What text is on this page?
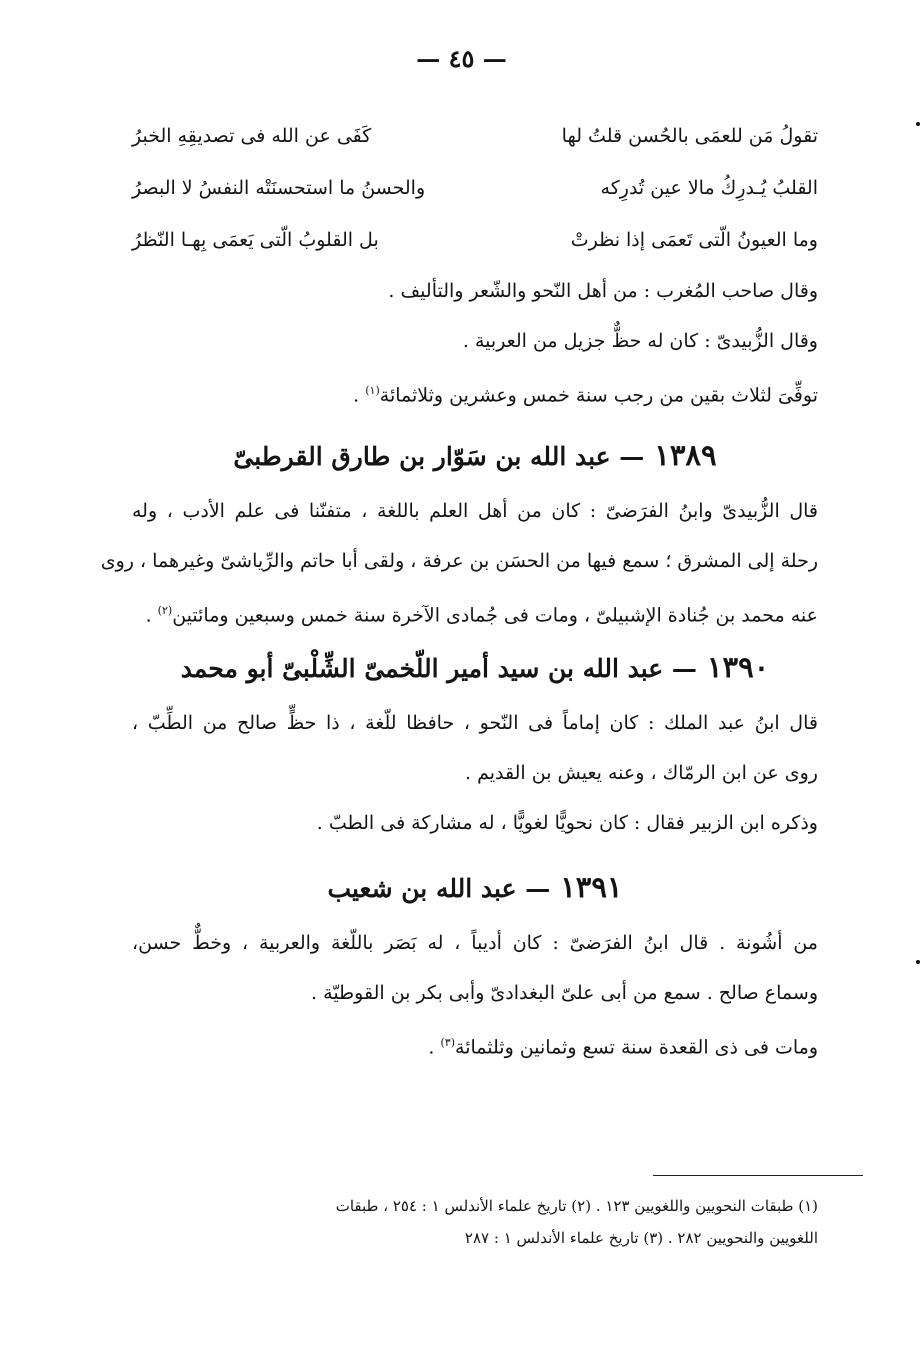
— ٤٥ —
تقولُ مَن للعمَى بالحُسن قلتُ لها
كَفَى عن الله فى تصديقِهِ الخبرُ
القلبُ يُـدرِكُ مالا عين تُدرِكه
والحسنُ ما استحسنَتْه النفسُ لا البصرُ
وما العيونُ الّتى تَعمَى إذا نظرتْ
بل القلوبُ الّتى يَعمَى بِهـا النّظرُ
وقال صاحب المُغرب : من أهل النّحو والشّعر والتأليف .
وقال الزُّبيدىّ : كان له حظٌّ جزيل من العربية .
توفِّىَ لثلاث بقين من رجب سنة خمس وعشرين وثلاثمائة$^{(١)}$ .
١٣٨٩— عبد الله بن سَوّار بن طارق القرطبىّ
قال الزُّبيدىّ وابنُ الفرَضىّ : كان من أهل العلم باللغة ، متفنّنا فى علم الأدب ، وله
رحلة إلى المشرق ؛ سمع فيها من الحسَن بن عرفة ، ولقى أبا حاتم والرِّياشىّ وغيرهما ، روى
عنه محمد بن جُنادة الإشبيلىّ ، ومات فى جُمادى الآخرة سنة خمس وسبعين ومائتين$^{(٢)}$ .
١٣٩٠— عبد الله بن سيد أمير اللّخمىّ الشِّلْبىّ أبو محمد
قال ابنُ عبد الملك : كان إماماً فى النّحو ، حافظا للّغة ، ذا حظٍّ صالح من الطِّبّ ،
روى عن ابن الرمّاك ، وعنه يعيش بن القديم .
وذكره ابن الزبير فقال : كان نحويًّا لغويًّا ، له مشاركة فى الطبّ .
١٣٩١— عبد الله بن شعيب
من أشُونة . قال ابنُ الفرَضىّ : كان أديباً ، له بَصَر باللّغة والعربية ، وخطٌّ حسن،
وسماع صالح . سمع من أبى علىّ البغدادىّ وأبى بكر بن القوطيّة .
ومات فى ذى القعدة سنة تسع وثمانين وثلثمائة$^{(٣)}$ .
(١) طبقات النحويين واللغويين ١٢٣ . (٢) تاريخ علماء الأندلس ١ : ٢٥٤ ، طبقات
اللغويين والنحويين ٢٨٢ . (٣) تاريخ علماء الأندلس ١ : ٢٨٧
